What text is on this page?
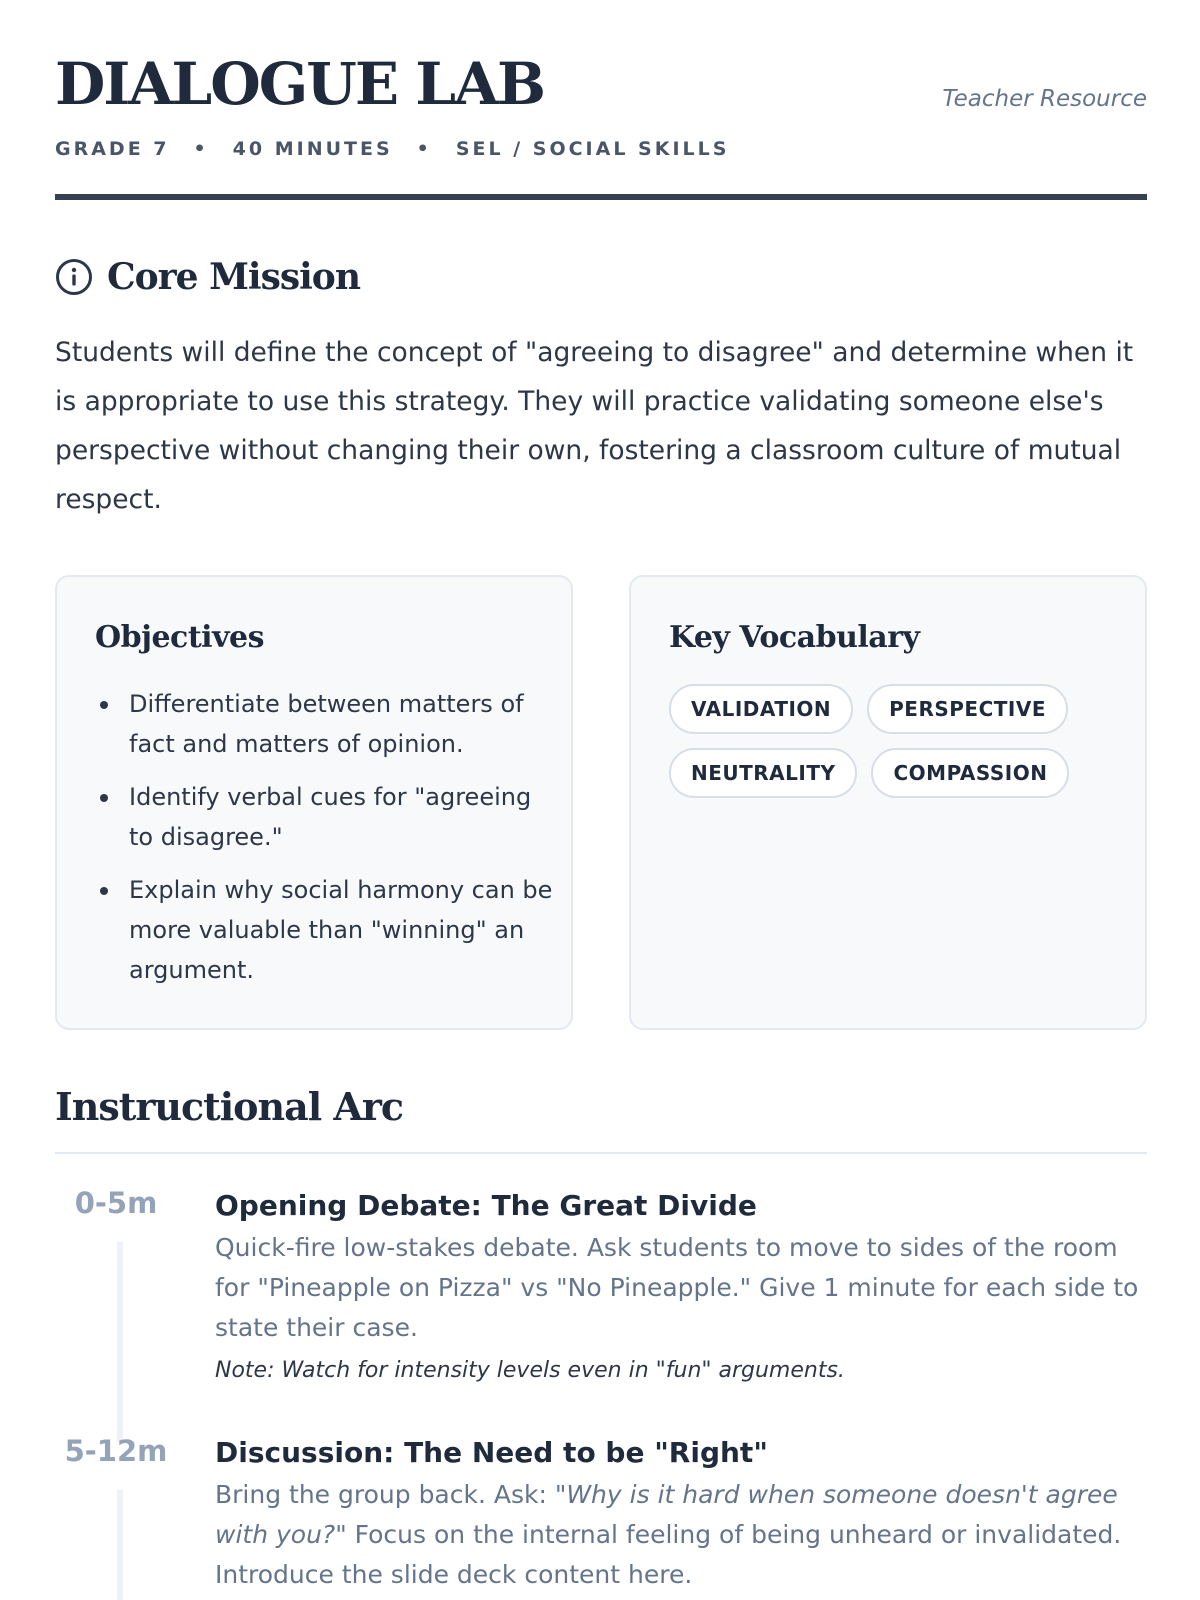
DIALOGUE LAB
GRADE 7 • 40 MINUTES • SEL / SOCIAL SKILLS
Teacher Resource
Core Mission

Students will define the concept of "agreeing to disagree" and determine when it is appropriate to use this strategy. They will practice validating someone else's perspective without changing their own, fostering a classroom culture of mutual respect.

Objectives
Differentiate between matters of fact and matters of opinion.
Identify verbal cues for "agreeing to disagree."
Explain why social harmony can be more valuable than "winning" an argument.
Key Vocabulary
VALIDATION	PERSPECTIVE
NEUTRALITY	COMPASSION
Instructional Arc
0-5m	Opening Debate: The Great Divide

Quick-fire low-stakes debate. Ask students to move to sides of the room for "Pineapple on Pizza" vs "No Pineapple." Give 1 minute for each side to state their case.

Note: Watch for intensity levels even in "fun" arguments.

5-12m	Discussion: The Need to be "Right"

Bring the group back. Ask: "Why is it hard when someone doesn't agree with you?" Focus on the internal feeling of being unheard or invalidated. Introduce the slide deck content here.
